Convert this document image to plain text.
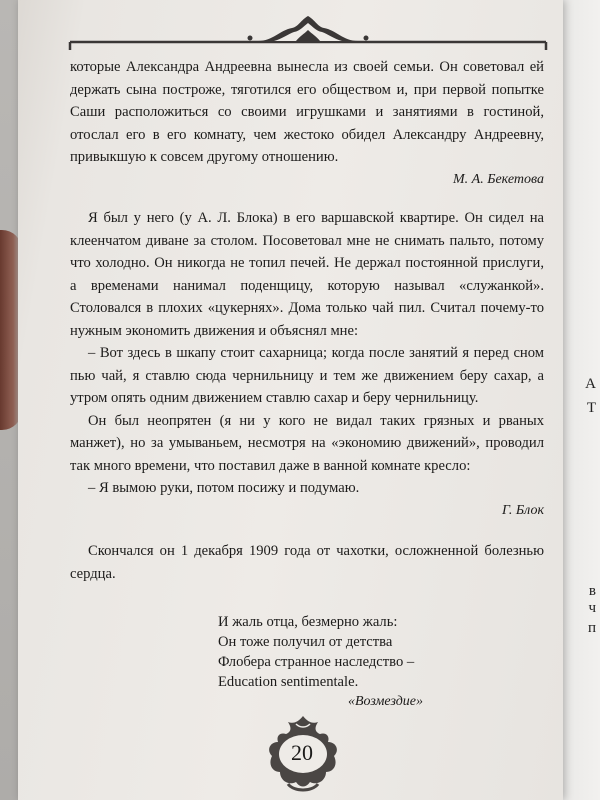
А
Т
в
ч
п

которые Александра Андреевна вынесла из своей семьи. Он советовал ей держать сына построже, тяготился его обществом и, при первой попытке Саши расположиться со своими игрушками и занятиями в гостиной, отослал его в его комнату, чем жестоко обидел Александру Андреевну, привыкшую к совсем другому отношению.

М. А. Бекетова

Я был у него (у А. Л. Блока) в его варшавской квартире. Он сидел на клеенчатом диване за столом. Посоветовал мне не снимать пальто, потому что холодно. Он никогда не топил печей. Не держал постоянной прислуги, а временами нанимал поденщицу, которую называл «служанкой». Столовался в плохих «цукернях». Дома только чай пил. Считал почему-то нужным экономить движения и объяснял мне:

– Вот здесь в шкапу стоит сахарница; когда после занятий я перед сном пью чай, я ставлю сюда чернильницу и тем же движением беру сахар, а утром опять одним движением ставлю сахар и беру чернильницу.

Он был неопрятен (я ни у кого не видал таких грязных и рваных манжет), но за умываньем, несмотря на «экономию движений», проводил так много времени, что поставил даже в ванной комнате кресло:

– Я вымою руки, потом посижу и подумаю.

Г. Блок

Скончался он 1 декабря 1909 года от чахотки, осложненной болезнью сердца.

И жаль отца, безмерно жаль:
Он тоже получил от детства
Флобера странное наследство –
Education sentimentale.
«Возмездие»
20
